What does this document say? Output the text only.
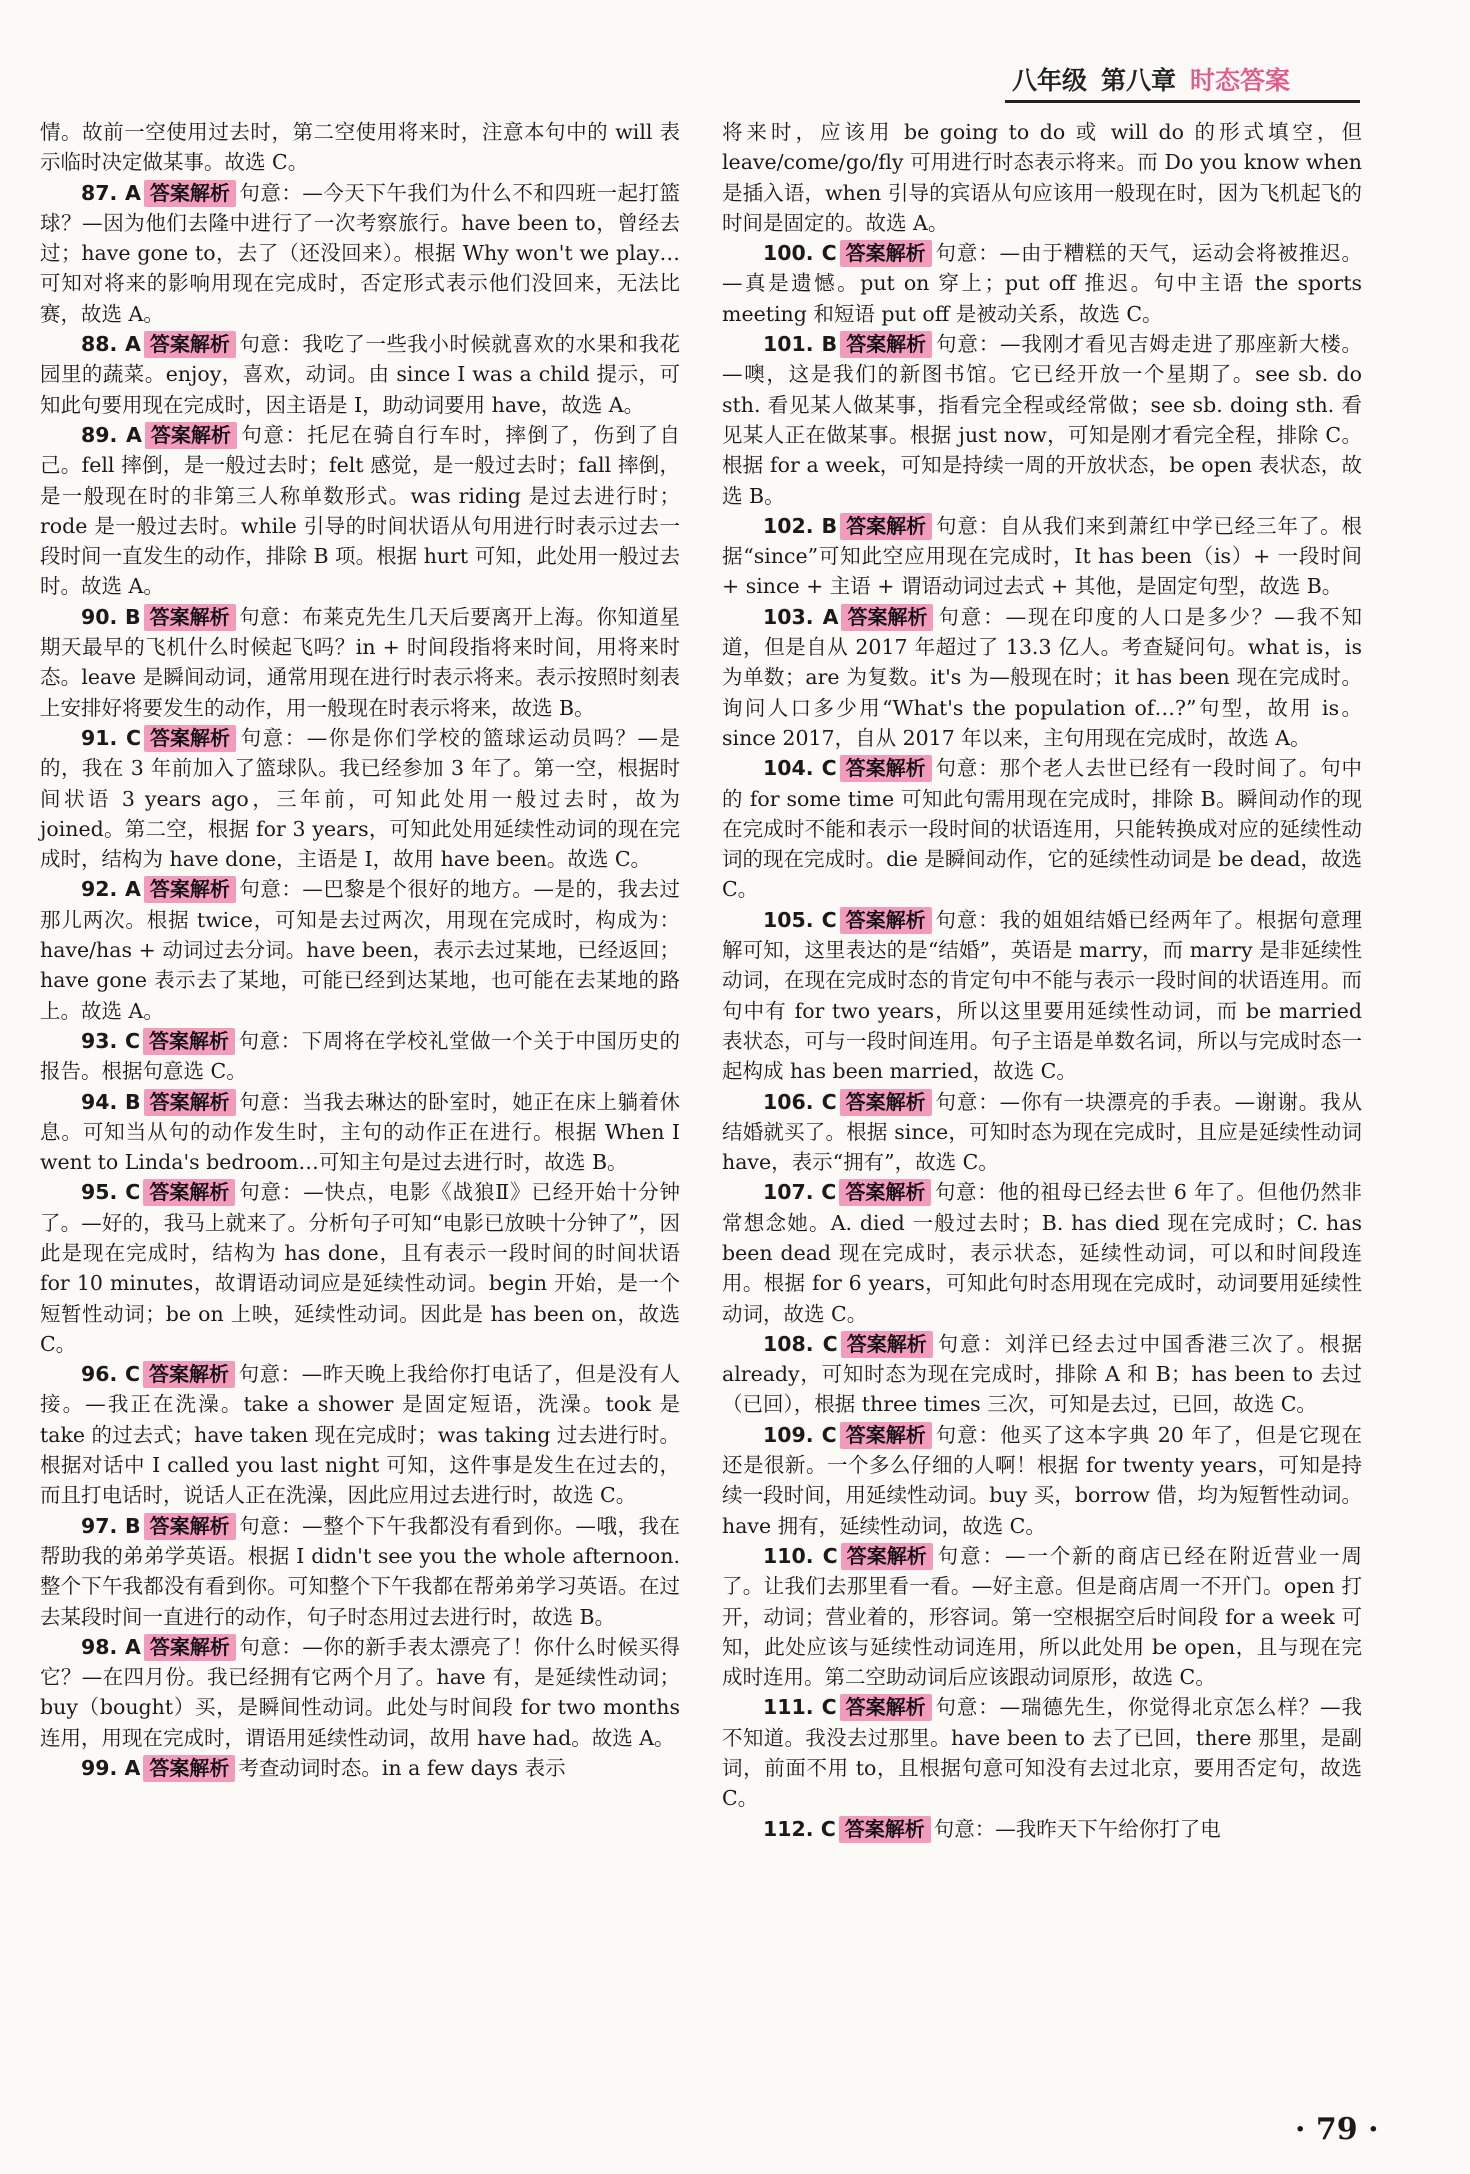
八年级 第八章 时态答案

情。故前一空使用过去时，第二空使用将来时，注意本句中的 will 表示临时决定做某事。故选 C。

87. A 答案解析 句意：—今天下午我们为什么不和四班一起打篮球？—因为他们去隆中进行了一次考察旅行。have been to，曾经去过；have gone to，去了（还没回来）。根据 Why won't we play…可知对将来的影响用现在完成时，否定形式表示他们没回来，无法比赛，故选 A。

88. A 答案解析 句意：我吃了一些我小时候就喜欢的水果和我花园里的蔬菜。enjoy，喜欢，动词。由 since I was a child 提示，可知此句要用现在完成时，因主语是 I，助动词要用 have，故选 A。

89. A 答案解析 句意：托尼在骑自行车时，摔倒了，伤到了自己。fell 摔倒，是一般过去时；felt 感觉，是一般过去时；fall 摔倒，是一般现在时的非第三人称单数形式。was riding 是过去进行时；rode 是一般过去时。while 引导的时间状语从句用进行时表示过去一段时间一直发生的动作，排除 B 项。根据 hurt 可知，此处用一般过去时。故选 A。

90. B 答案解析 句意：布莱克先生几天后要离开上海。你知道星期天最早的飞机什么时候起飞吗？in + 时间段指将来时间，用将来时态。leave 是瞬间动词，通常用现在进行时表示将来。表示按照时刻表上安排好将要发生的动作，用一般现在时表示将来，故选 B。

91. C 答案解析 句意：—你是你们学校的篮球运动员吗？—是的，我在 3 年前加入了篮球队。我已经参加 3 年了。第一空，根据时间状语 3 years ago，三年前，可知此处用一般过去时，故为 joined。第二空，根据 for 3 years，可知此处用延续性动词的现在完成时，结构为 have done，主语是 I，故用 have been。故选 C。

92. A 答案解析 句意：—巴黎是个很好的地方。—是的，我去过那儿两次。根据 twice，可知是去过两次，用现在完成时，构成为：have/has + 动词过去分词。have been，表示去过某地，已经返回；have gone 表示去了某地，可能已经到达某地，也可能在去某地的路上。故选 A。

93. C 答案解析 句意：下周将在学校礼堂做一个关于中国历史的报告。根据句意选 C。

94. B 答案解析 句意：当我去琳达的卧室时，她正在床上躺着休息。可知当从句的动作发生时，主句的动作正在进行。根据 When I went to Linda's bedroom…可知主句是过去进行时，故选 B。

95. C 答案解析 句意：—快点，电影《战狼Ⅱ》已经开始十分钟了。—好的，我马上就来了。分析句子可知“电影已放映十分钟了”，因此是现在完成时，结构为 has done，且有表示一段时间的时间状语 for 10 minutes，故谓语动词应是延续性动词。begin 开始，是一个短暂性动词；be on 上映，延续性动词。因此是 has been on，故选 C。

96. C 答案解析 句意：—昨天晚上我给你打电话了，但是没有人接。—我正在洗澡。take a shower 是固定短语，洗澡。took 是 take 的过去式；have taken 现在完成时；was taking 过去进行时。根据对话中 I called you last night 可知，这件事是发生在过去的，而且打电话时，说话人正在洗澡，因此应用过去进行时，故选 C。

97. B 答案解析 句意：—整个下午我都没有看到你。—哦，我在帮助我的弟弟学英语。根据 I didn't see you the whole afternoon. 整个下午我都没有看到你。可知整个下午我都在帮弟弟学习英语。在过去某段时间一直进行的动作，句子时态用过去进行时，故选 B。

98. A 答案解析 句意：—你的新手表太漂亮了！你什么时候买得它？—在四月份。我已经拥有它两个月了。have 有，是延续性动词；buy（bought）买，是瞬间性动词。此处与时间段 for two months 连用，用现在完成时，谓语用延续性动词，故用 have had。故选 A。

99. A 答案解析 考查动词时态。in a few days 表示

将来时，应该用 be going to do 或 will do 的形式填空，但 leave/come/go/fly 可用进行时态表示将来。而 Do you know when 是插入语，when 引导的宾语从句应该用一般现在时，因为飞机起飞的时间是固定的。故选 A。

100. C 答案解析 句意：—由于糟糕的天气，运动会将被推迟。—真是遗憾。put on 穿上；put off 推迟。句中主语 the sports meeting 和短语 put off 是被动关系，故选 C。

101. B 答案解析 句意：—我刚才看见吉姆走进了那座新大楼。—噢，这是我们的新图书馆。它已经开放一个星期了。see sb. do sth. 看见某人做某事，指看完全程或经常做；see sb. doing sth. 看见某人正在做某事。根据 just now，可知是刚才看完全程，排除 C。根据 for a week，可知是持续一周的开放状态，be open 表状态，故选 B。

102. B 答案解析 句意：自从我们来到萧红中学已经三年了。根据“since”可知此空应用现在完成时，It has been（is）+ 一段时间 + since + 主语 + 谓语动词过去式 + 其他，是固定句型，故选 B。

103. A 答案解析 句意：—现在印度的人口是多少？—我不知道，但是自从 2017 年超过了 13.3 亿人。考查疑问句。what is，is 为单数；are 为复数。it's 为—般现在时；it has been 现在完成时。询问人口多少用“What's the population of…?”句型，故用 is。since 2017，自从 2017 年以来，主句用现在完成时，故选 A。

104. C 答案解析 句意：那个老人去世已经有一段时间了。句中的 for some time 可知此句需用现在完成时，排除 B。瞬间动作的现在完成时不能和表示一段时间的状语连用，只能转换成对应的延续性动词的现在完成时。die 是瞬间动作，它的延续性动词是 be dead，故选 C。

105. C 答案解析 句意：我的姐姐结婚已经两年了。根据句意理解可知，这里表达的是“结婚”，英语是 marry，而 marry 是非延续性动词，在现在完成时态的肯定句中不能与表示一段时间的状语连用。而句中有 for two years，所以这里要用延续性动词，而 be married 表状态，可与一段时间连用。句子主语是单数名词，所以与完成时态一起构成 has been married，故选 C。

106. C 答案解析 句意：—你有一块漂亮的手表。—谢谢。我从结婚就买了。根据 since，可知时态为现在完成时，且应是延续性动词 have，表示“拥有”，故选 C。

107. C 答案解析 句意：他的祖母已经去世 6 年了。但他仍然非常想念她。A. died 一般过去时；B. has died 现在完成时；C. has been dead 现在完成时，表示状态，延续性动词，可以和时间段连用。根据 for 6 years，可知此句时态用现在完成时，动词要用延续性动词，故选 C。

108. C 答案解析 句意：刘洋已经去过中国香港三次了。根据 already，可知时态为现在完成时，排除 A 和 B；has been to 去过（已回），根据 three times 三次，可知是去过，已回，故选 C。

109. C 答案解析 句意：他买了这本字典 20 年了，但是它现在还是很新。一个多么仔细的人啊！根据 for twenty years，可知是持续一段时间，用延续性动词。buy 买，borrow 借，均为短暂性动词。have 拥有，延续性动词，故选 C。

110. C 答案解析 句意：—一个新的商店已经在附近营业一周了。让我们去那里看一看。—好主意。但是商店周一不开门。open 打开，动词；营业着的，形容词。第一空根据空后时间段 for a week 可知，此处应该与延续性动词连用，所以此处用 be open，且与现在完成时连用。第二空助动词后应该跟动词原形，故选 C。

111. C 答案解析 句意：—瑞德先生，你觉得北京怎么样？—我不知道。我没去过那里。have been to 去了已回，there 那里，是副词，前面不用 to，且根据句意可知没有去过北京，要用否定句，故选 C。

112. C 答案解析 句意：—我昨天下午给你打了电

· 79 ·
